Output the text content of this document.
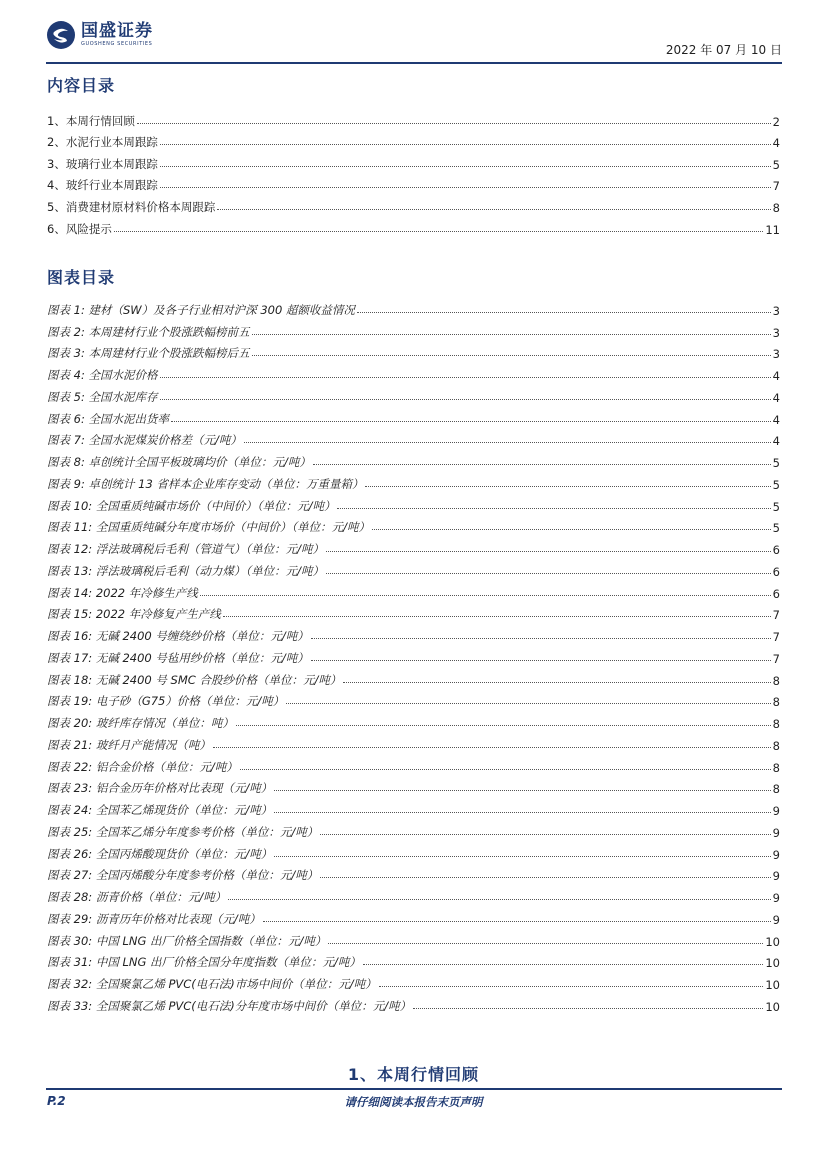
国盛证券
GUOSHENG SECURITIES	2022 年 07 月 10 日
内容目录
1、本周行情回顾	2
2、水泥行业本周跟踪	4
3、玻璃行业本周跟踪	5
4、玻纤行业本周跟踪	7
5、消费建材原材料价格本周跟踪	8
6、风险提示	11
图表目录
图表 1: 建材（SW）及各子行业相对沪深 300 超额收益情况	3
图表 2: 本周建材行业个股涨跌幅榜前五	3
图表 3: 本周建材行业个股涨跌幅榜后五	3
图表 4: 全国水泥价格	4
图表 5: 全国水泥库存	4
图表 6: 全国水泥出货率	4
图表 7: 全国水泥煤炭价格差（元/吨）	4
图表 8: 卓创统计全国平板玻璃均价（单位：元/吨）	5
图表 9: 卓创统计 13 省样本企业库存变动（单位：万重量箱）	5
图表 10: 全国重质纯碱市场价（中间价）（单位：元/吨）	5
图表 11: 全国重质纯碱分年度市场价（中间价）（单位：元/吨）	5
图表 12: 浮法玻璃税后毛利（管道气）（单位：元/吨）	6
图表 13: 浮法玻璃税后毛利（动力煤）（单位：元/吨）	6
图表 14: 2022 年冷修生产线	6
图表 15: 2022 年冷修复产生产线	7
图表 16: 无碱 2400 号缠绕纱价格（单位：元/吨）	7
图表 17: 无碱 2400 号毡用纱价格（单位：元/吨）	7
图表 18: 无碱 2400 号 SMC 合股纱价格（单位：元/吨）	8
图表 19: 电子砂（G75）价格（单位：元/吨）	8
图表 20: 玻纤库存情况（单位：吨）	8
图表 21: 玻纤月产能情况（吨）	8
图表 22: 铝合金价格（单位：元/吨）	8
图表 23: 铝合金历年价格对比表现（元/吨）	8
图表 24: 全国苯乙烯现货价（单位：元/吨）	9
图表 25: 全国苯乙烯分年度参考价格（单位：元/吨）	9
图表 26: 全国丙烯酸现货价（单位：元/吨）	9
图表 27: 全国丙烯酸分年度参考价格（单位：元/吨）	9
图表 28: 沥青价格（单位：元/吨）	9
图表 29: 沥青历年价格对比表现（元/吨）	9
图表 30: 中国 LNG 出厂价格全国指数（单位：元/吨）	10
图表 31: 中国 LNG 出厂价格全国分年度指数（单位：元/吨）	10
图表 32: 全国聚氯乙烯 PVC(电石法)市场中间价（单位：元/吨）	10
图表 33: 全国聚氯乙烯 PVC(电石法)分年度市场中间价（单位：元/吨）	10
1、本周行情回顾
P.2	请仔细阅读本报告末页声明
